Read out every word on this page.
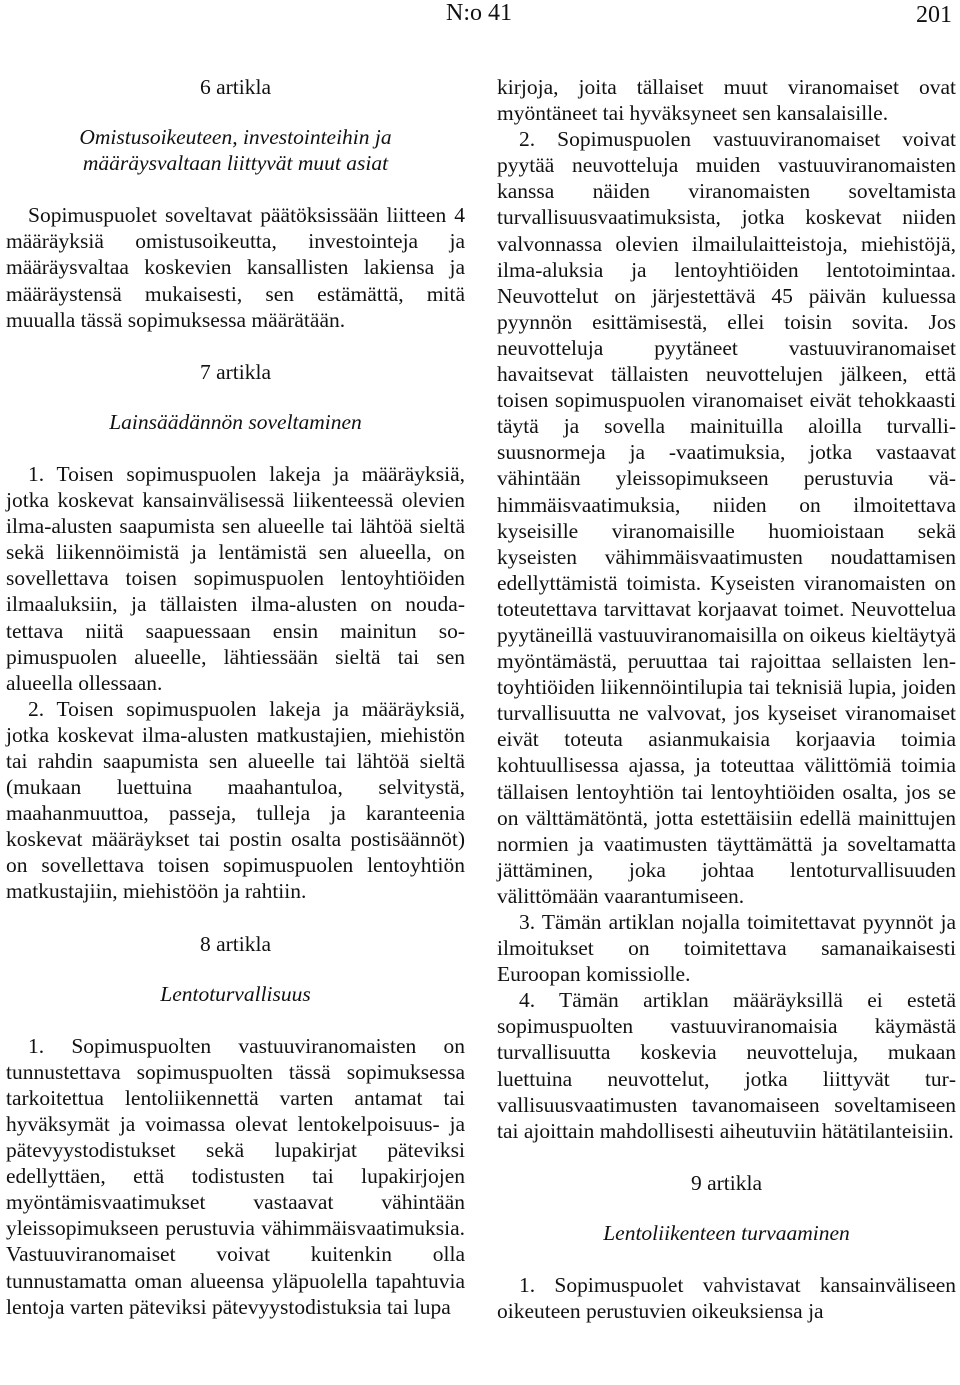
N:o 41	201
6 artikla
Omistusoikeuteen, investointeihin ja
määräysvaltaan liittyvät muut asiat

Sopimuspuolet soveltavat päätöksissään liitteen 4 määräyksiä omistusoikeutta, investointeja ja määräysvaltaa koskevien kansallisten lakiensa ja määräystensä mukaisesti, sen estämättä, mitä muualla tässä sopimuksessa määrätään.

7 artikla
Lainsäädännön soveltaminen

1. Toisen sopimuspuolen lakeja ja määräyksiä, jotka koskevat kansainvälisessä liikenteessä olevien ilma-alusten saapumista sen alueelle tai lähtöä sieltä sekä liikennöimistä ja lentämistä sen alueella, on sovellettava toisen sopimuspuolen lentoyhtiöiden ilmaaluksiin, ja tällaisten ilma-alusten on noudatettava niitä saapuessaan ensin mainitun sopimuspuolen alueelle, lähtiessään sieltä tai sen alueella ollessaan.

2. Toisen sopimuspuolen lakeja ja määräyksiä, jotka koskevat ilma-alusten matkustajien, miehistön tai rahdin saapumista sen alueelle tai lähtöä sieltä (mukaan luettuina maahantuloa, selvitystä, maahanmuuttoa, passeja, tulleja ja karanteenia koskevat määräykset tai postin osalta postisäännöt) on sovellettava toisen sopimuspuolen lentoyhtiön matkustajiin, miehistöön ja rahtiin.

8 artikla
Lentoturvallisuus

1. Sopimuspuolten vastuuviranomaisten on tunnustettava sopimuspuolten tässä sopimuksessa tarkoitettua lentoliikennettä varten antamat tai hyväksymät ja voimassa olevat lentokelpoisuus- ja pätevyystodistukset sekä lupakirjat päteviksi edellyttäen, että todistusten tai lupakirjojen myöntämisvaatimukset vastaavat vähintään yleissopimukseen perustuvia vähimmäisvaatimuksia. Vastuuviranomaiset voivat kuitenkin olla tunnustamatta oman alueensa yläpuolella tapahtuvia lentoja varten päteviksi pätevyystodistuksia tai lupa

kirjoja, joita tällaiset muut viranomaiset ovat myöntäneet tai hyväksyneet sen kansalaisille.

2. Sopimuspuolen vastuuviranomaiset voivat pyytää neuvotteluja muiden vastuuviranomaisten kanssa näiden viranomaisten soveltamista turvallisuusvaatimuksista, jotka koskevat niiden valvonnassa olevien ilmailulaitteistoja, miehistöjä, ilma-aluksia ja lentoyhtiöiden lentotoimintaa. Neuvottelut on järjestettävä 45 päivän kuluessa pyynnön esittämisestä, ellei toisin sovita. Jos neuvotteluja pyytäneet vastuuviranomaiset havaitsevat tällaisten neuvottelujen jälkeen, että toisen sopimuspuolen viranomaiset eivät tehokkaasti täytä ja sovella mainituilla aloilla turvallisuusnormeja ja -vaatimuksia, jotka vastaavat vähintään yleissopimukseen perustuvia vähimmäisvaatimuksia, niiden on ilmoitettava kyseisille viranomaisille huomioistaan sekä kyseisten vähimmäisvaatimusten noudattamisen edellyttämistä toimista. Kyseisten viranomaisten on toteutettava tarvittavat korjaavat toimet. Neuvottelua pyytäneillä vastuuviranomaisilla on oikeus kieltäytyä myöntämästä, peruuttaa tai rajoittaa sellaisten lentoyhtiöiden liikennöintilupia tai teknisiä lupia, joiden turvallisuutta ne valvovat, jos kyseiset viranomaiset eivät toteuta asianmukaisia korjaavia toimia kohtuullisessa ajassa, ja toteuttaa välittömiä toimia tällaisen lentoyhtiön tai lentoyhtiöiden osalta, jos se on välttämätöntä, jotta estettäisiin edellä mainittujen normien ja vaatimusten täyttämättä ja soveltamatta jättäminen, joka johtaa lentoturvallisuuden välittömään vaarantumiseen.

3. Tämän artiklan nojalla toimitettavat pyynnöt ja ilmoitukset on toimitettava samanaikaisesti Euroopan komissiolle.

4. Tämän artiklan määräyksillä ei estetä sopimuspuolten vastuuviranomaisia käymästä turvallisuutta koskevia neuvotteluja, mukaan luettuina neuvottelut, jotka liittyvät turvallisuusvaatimusten tavanomaiseen soveltamiseen tai ajoittain mahdollisesti aiheutuviin hätätilanteisiin.

9 artikla
Lentoliikenteen turvaaminen

1. Sopimuspuolet vahvistavat kansainväliseen oikeuteen perustuvien oikeuksiensa ja
